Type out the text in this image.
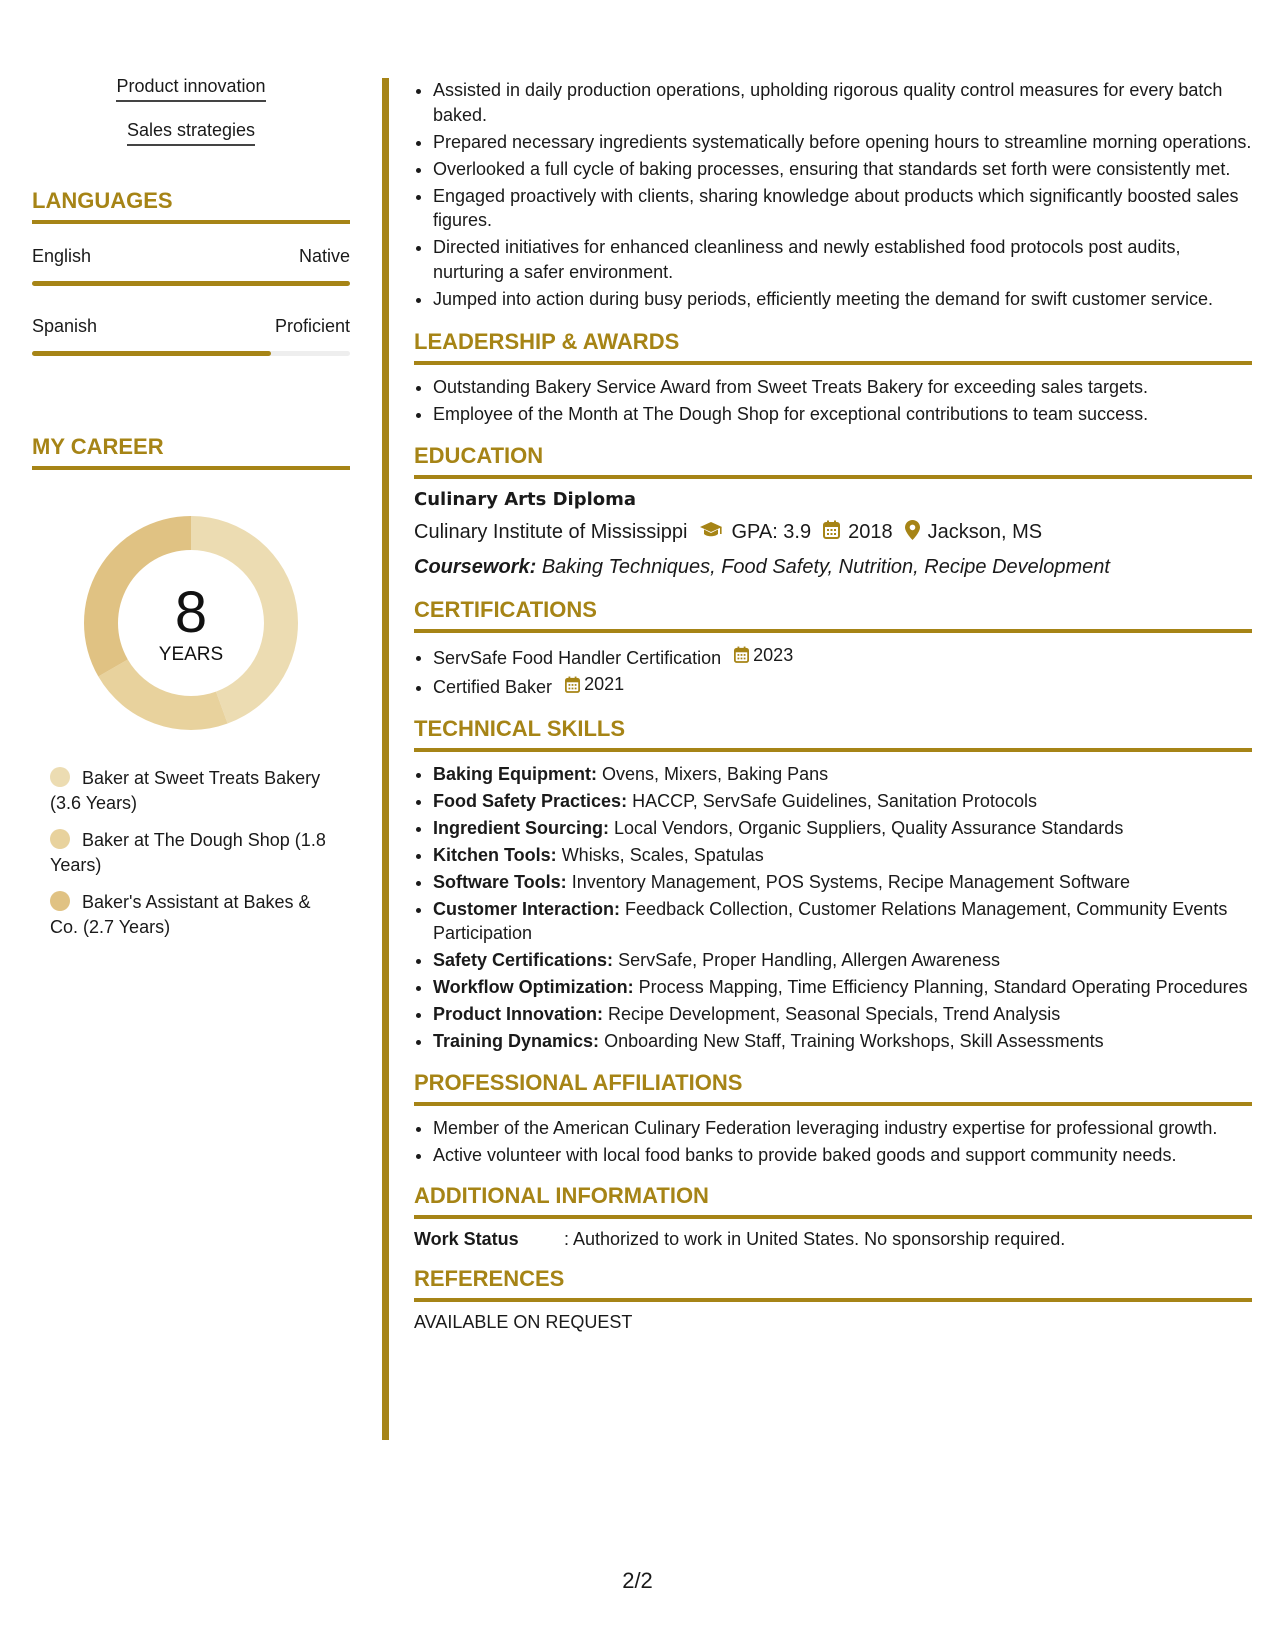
Product innovation
Sales strategies
LANGUAGES
English	Native
Spanish	Proficient
MY CAREER
8
YEARS
Baker at Sweet Treats Bakery (3.6 Years)
Baker at The Dough Shop (1.8 Years)
Baker's Assistant at Bakes & Co. (2.7 Years)
• Assisted in daily production operations, upholding rigorous quality control measures for every batch baked.
• Prepared necessary ingredients systematically before opening hours to streamline morning operations.
• Overlooked a full cycle of baking processes, ensuring that standards set forth were consistently met.
• Engaged proactively with clients, sharing knowledge about products which significantly boosted sales figures.
• Directed initiatives for enhanced cleanliness and newly established food protocols post audits, nurturing a safer environment.
• Jumped into action during busy periods, efficiently meeting the demand for swift customer service.
LEADERSHIP & AWARDS
• Outstanding Bakery Service Award from Sweet Treats Bakery for exceeding sales targets.
• Employee of the Month at The Dough Shop for exceptional contributions to team success.
EDUCATION
Culinary Arts Diploma
Culinary Institute of Mississippi GPA: 3.9 2018 Jackson, MS
Coursework: Baking Techniques, Food Safety, Nutrition, Recipe Development
CERTIFICATIONS
• ServSafe Food Handler Certification 2023
• Certified Baker 2021
TECHNICAL SKILLS
• Baking Equipment: Ovens, Mixers, Baking Pans
• Food Safety Practices: HACCP, ServSafe Guidelines, Sanitation Protocols
• Ingredient Sourcing: Local Vendors, Organic Suppliers, Quality Assurance Standards
• Kitchen Tools: Whisks, Scales, Spatulas
• Software Tools: Inventory Management, POS Systems, Recipe Management Software
• Customer Interaction: Feedback Collection, Customer Relations Management, Community Events Participation
• Safety Certifications: ServSafe, Proper Handling, Allergen Awareness
• Workflow Optimization: Process Mapping, Time Efficiency Planning, Standard Operating Procedures
• Product Innovation: Recipe Development, Seasonal Specials, Trend Analysis
• Training Dynamics: Onboarding New Staff, Training Workshops, Skill Assessments
PROFESSIONAL AFFILIATIONS
• Member of the American Culinary Federation leveraging industry expertise for professional growth.
• Active volunteer with local food banks to provide baked goods and support community needs.
ADDITIONAL INFORMATION
Work Status	: Authorized to work in United States. No sponsorship required.
REFERENCES
AVAILABLE ON REQUEST
2/2
